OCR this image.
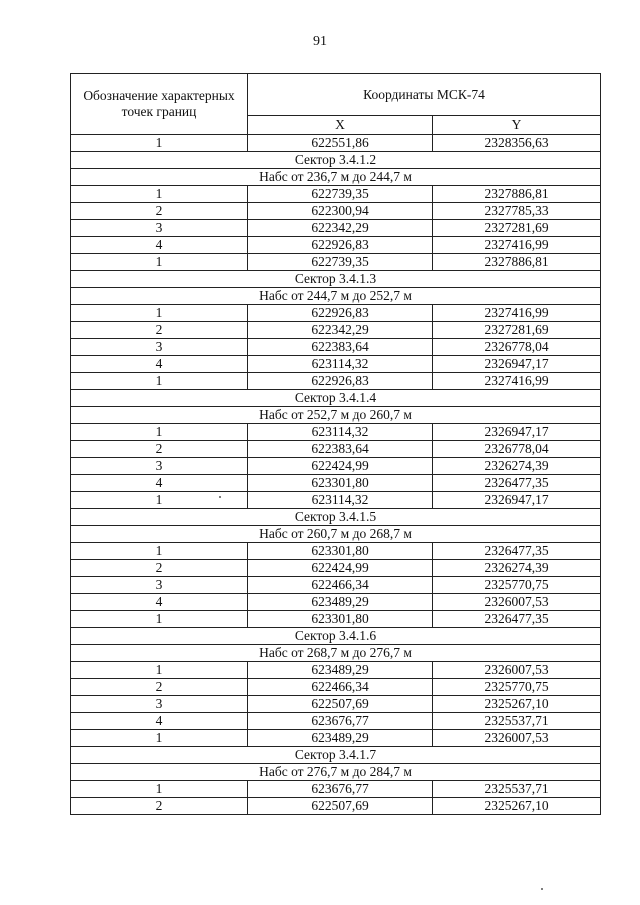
91
Обозначение характерных точек границ	Координаты МСК-74	
	X	Y
1	622551,86	2328356,63
Сектор 3.4.1.2		
Набс от 236,7 м до 244,7 м		
1	622739,35	2327886,81
2	622300,94	2327785,33
3	622342,29	2327281,69
4	622926,83	2327416,99
1	622739,35	2327886,81
Сектор 3.4.1.3		
Набс от 244,7 м до 252,7 м		
1	622926,83	2327416,99
2	622342,29	2327281,69
3	622383,64	2326778,04
4	623114,32	2326947,17
1	622926,83	2327416,99
Сектор 3.4.1.4		
Набс от 252,7 м до 260,7 м		
1	623114,32	2326947,17
2	622383,64	2326778,04
3	622424,99	2326274,39
4	623301,80	2326477,35
1	623114,32	2326947,17
Сектор 3.4.1.5		
Набс от 260,7 м до 268,7 м		
1	623301,80	2326477,35
2	622424,99	2326274,39
3	622466,34	2325770,75
4	623489,29	2326007,53
1	623301,80	2326477,35
Сектор 3.4.1.6		
Набс от 268,7 м до 276,7 м		
1	623489,29	2326007,53
2	622466,34	2325770,75
3	622507,69	2325267,10
4	623676,77	2325537,71
1	623489,29	2326007,53
Сектор 3.4.1.7		
Набс от 276,7 м до 284,7 м		
1	623676,77	2325537,71
2	622507,69	2325267,10
